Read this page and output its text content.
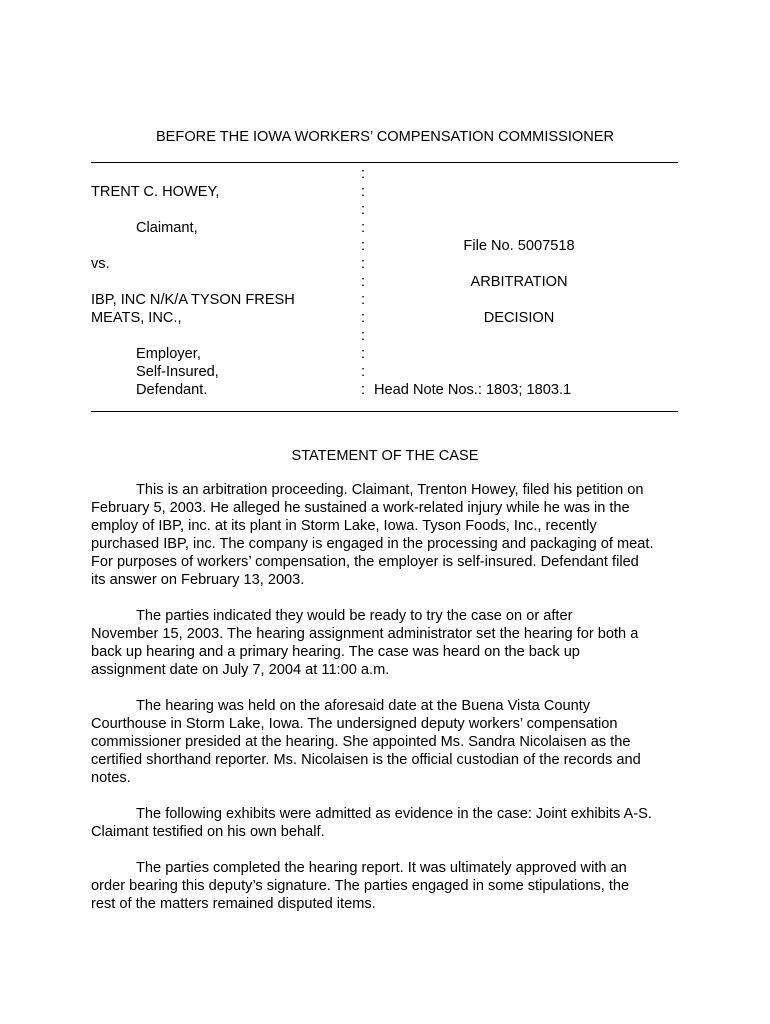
BEFORE THE IOWA WORKERS’ COMPENSATION COMMISSIONER
TRENT C. HOWEY,
Claimant,
vs.
IBP, INC N/K/A TYSON FRESH
MEATS, INC.,
Employer,
Self-Insured,
Defendant.
:
:
:
:
:
:
:
:
:
:
:
:
:
File No. 5007518
ARBITRATION
DECISION
Head Note Nos.: 1803; 1803.1
STATEMENT OF THE CASE
This is an arbitration proceeding. Claimant, Trenton Howey, filed his petition on
February 5, 2003. He alleged he sustained a work-related injury while he was in the
employ of IBP, inc. at its plant in Storm Lake, Iowa. Tyson Foods, Inc., recently
purchased IBP, inc. The company is engaged in the processing and packaging of meat.
For purposes of workers’ compensation, the employer is self-insured. Defendant filed
its answer on February 13, 2003.
The parties indicated they would be ready to try the case on or after
November 15, 2003. The hearing assignment administrator set the hearing for both a
back up hearing and a primary hearing. The case was heard on the back up
assignment date on July 7, 2004 at 11:00 a.m.
The hearing was held on the aforesaid date at the Buena Vista County
Courthouse in Storm Lake, Iowa. The undersigned deputy workers’ compensation
commissioner presided at the hearing. She appointed Ms. Sandra Nicolaisen as the
certified shorthand reporter. Ms. Nicolaisen is the official custodian of the records and
notes.
The following exhibits were admitted as evidence in the case: Joint exhibits A-S.
Claimant testified on his own behalf.
The parties completed the hearing report. It was ultimately approved with an
order bearing this deputy’s signature. The parties engaged in some stipulations, the
rest of the matters remained disputed items.
